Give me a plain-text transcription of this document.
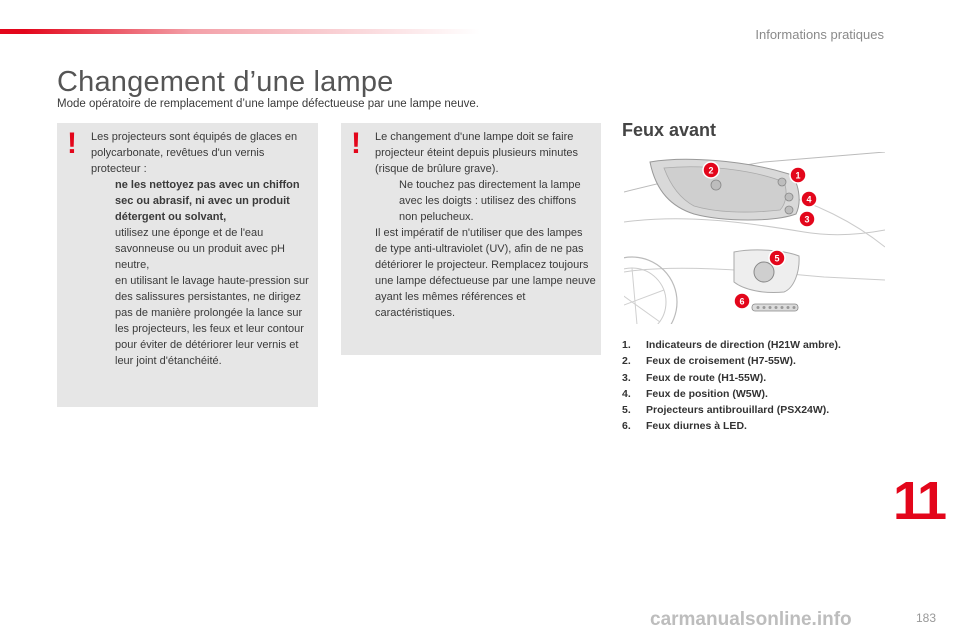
Informations pratiques
Changement d’une lampe
Mode opératoire de remplacement d’une lampe défectueuse par une lampe neuve.
! Les projecteurs sont équipés de glaces en polycarbonate, revêtues d'un vernis protecteur :

ne les nettoyez pas avec un chiffon sec ou abrasif, ni avec un produit détergent ou solvant,
utilisez une éponge et de l'eau savonneuse ou un produit avec pH neutre,
en utilisant le lavage haute-pression sur des salissures persistantes, ne dirigez pas de manière prolongée la lance sur les projecteurs, les feux et leur contour pour éviter de détériorer leur vernis et leur joint d'étanchéité.
! Le changement d'une lampe doit se faire projecteur éteint depuis plusieurs minutes (risque de brûlure grave).

Ne touchez pas directement la lampe avec les doigts : utilisez des chiffons non pelucheux.

Il est impératif de n'utiliser que des lampes de type anti-ultraviolet (UV), afin de ne pas détériorer le projecteur. Remplacez toujours une lampe défectueuse par une lampe neuve ayant les mêmes références et caractéristiques.

Feux avant
1
2
3
4
5
6
1. Indicateurs de direction (H21W ambre).
2. Feux de croisement (H7-55W).
3. Feux de route (H1-55W).
4. Feux de position (W5W).
5. Projecteurs antibrouillard (PSX24W).
6. Feux diurnes à LED.
11
carmanualsonline.info	183
